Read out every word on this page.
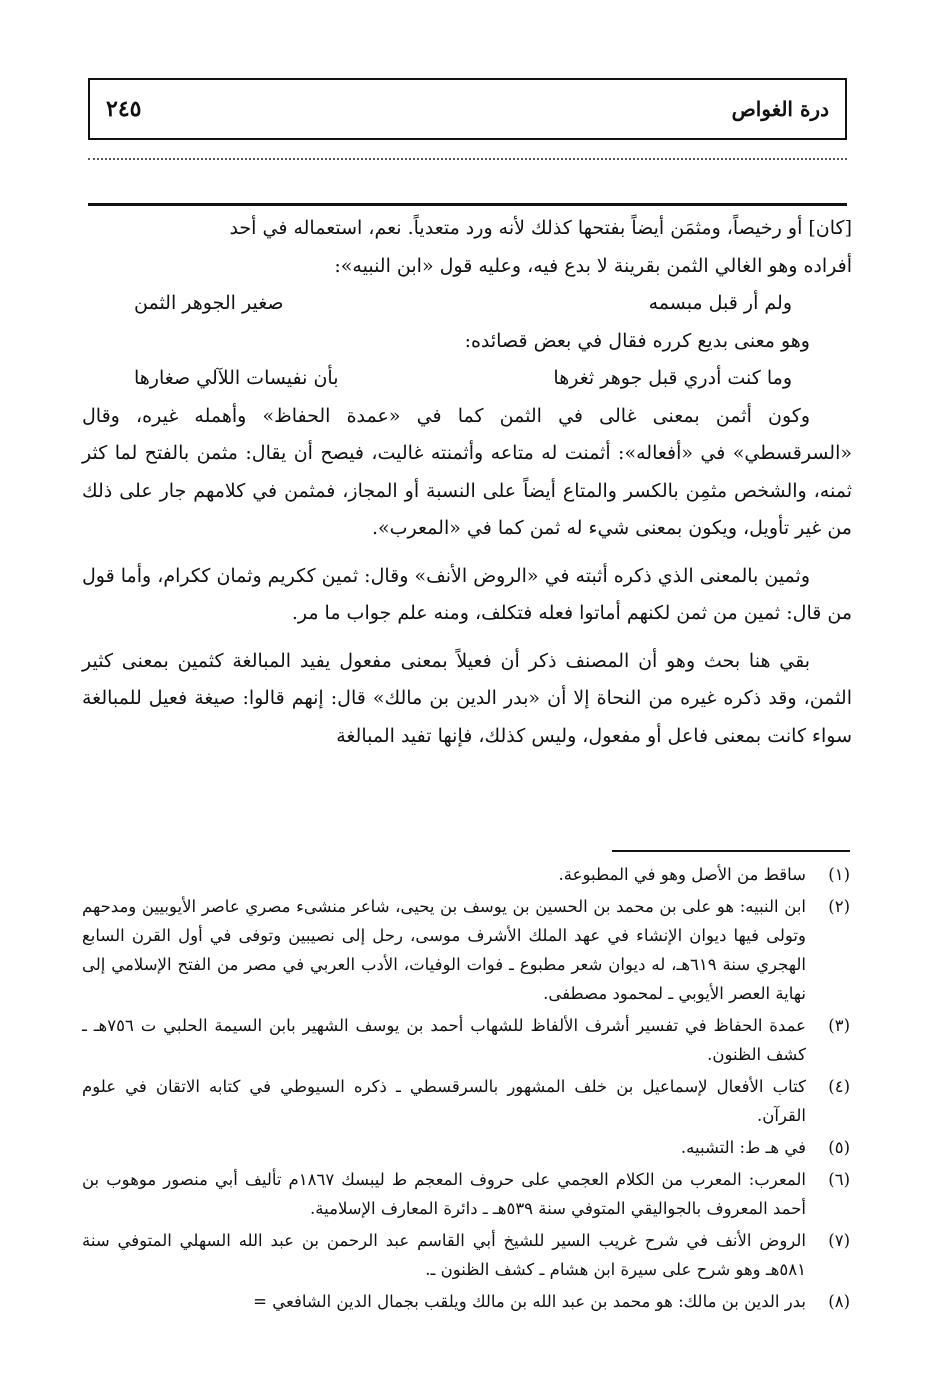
درة الغواص
٢٤٥

[كان] أو رخيصاً، ومثمَن أيضاً بفتحها كذلك لأنه ورد متعدياً. نعم، استعماله في أحد

أفراده وهو الغالي الثمن بقرينة لا بدع فيه، وعليه قول «ابن النبيه»:

ولم أر قبل مبسمه
صغير الجوهر الثمن

وهو معنى بديع كرره فقال في بعض قصائده:

وما كنت أدري قبل جوهر ثغرها
بأن نفيسات اللآلي صغارها

وكون أثمن بمعنى غالى في الثمن كما في «عمدة الحفاظ» وأهمله غيره، وقال «السرقسطي» في «أفعاله»: أثمنت له متاعه وأثمنته غاليت، فيصح أن يقال: مثمن بالفتح لما كثر ثمنه، والشخص مثمِن بالكسر والمتاع أيضاً على النسبة أو المجاز، فمثمن في كلامهم جار على ذلك من غير تأويل، ويكون بمعنى شيء له ثمن كما في «المعرب».

وثمين بالمعنى الذي ذكره أثبته في «الروض الأنف» وقال: ثمين ككريم وثمان ككرام، وأما قول من قال: ثمين من ثمن لكنهم أماتوا فعله فتكلف، ومنه علم جواب ما مر.

بقي هنا بحث وهو أن المصنف ذكر أن فعيلاً بمعنى مفعول يفيد المبالغة كثمين بمعنى كثير الثمن، وقد ذكره غيره من النحاة إلا أن «بدر الدين بن مالك» قال: إنهم قالوا: صيغة فعيل للمبالغة سواء كانت بمعنى فاعل أو مفعول، وليس كذلك، فإنها تفيد المبالغة

(١)
ساقط من الأصل وهو في المطبوعة.
(٢)
ابن النبيه: هو على بن محمد بن الحسين بن يوسف بن يحيى، شاعر منشىء مصري عاصر الأيوبيين ومدحهم وتولى فيها ديوان الإنشاء في عهد الملك الأشرف موسى، رحل إلى نصيبين وتوفى في أول القرن السابع الهجري سنة ٦١٩هـ، له ديوان شعر مطبوع ـ فوات الوفيات، الأدب العربي في مصر من الفتح الإسلامي إلى نهاية العصر الأيوبي ـ لمحمود مصطفى.
(٣)
عمدة الحفاظ في تفسير أشرف الألفاظ للشهاب أحمد بن يوسف الشهير بابن السيمة الحلبي ت ٧٥٦هـ ـ كشف الظنون.
(٤)
كتاب الأفعال لإسماعيل بن خلف المشهور بالسرقسطي ـ ذكره السيوطي في كتابه الاتقان في علوم القرآن.
(٥)
في هـ ط: التشبيه.
(٦)
المعرب: المعرب من الكلام العجمي على حروف المعجم ط ليبسك ١٨٦٧م تأليف أبي منصور موهوب بن أحمد المعروف بالجواليقي المتوفي سنة ٥٣٩هـ ـ دائرة المعارف الإسلامية.
(٧)
الروض الأنف في شرح غريب السير للشيخ أبي القاسم عبد الرحمن بن عبد الله السهلي المتوفي سنة ٥٨١هـ وهو شرح على سيرة ابن هشام ـ كشف الظنون ـ.
(٨)
بدر الدين بن مالك: هو محمد بن عبد الله بن مالك ويلقب بجمال الدين الشافعي =
